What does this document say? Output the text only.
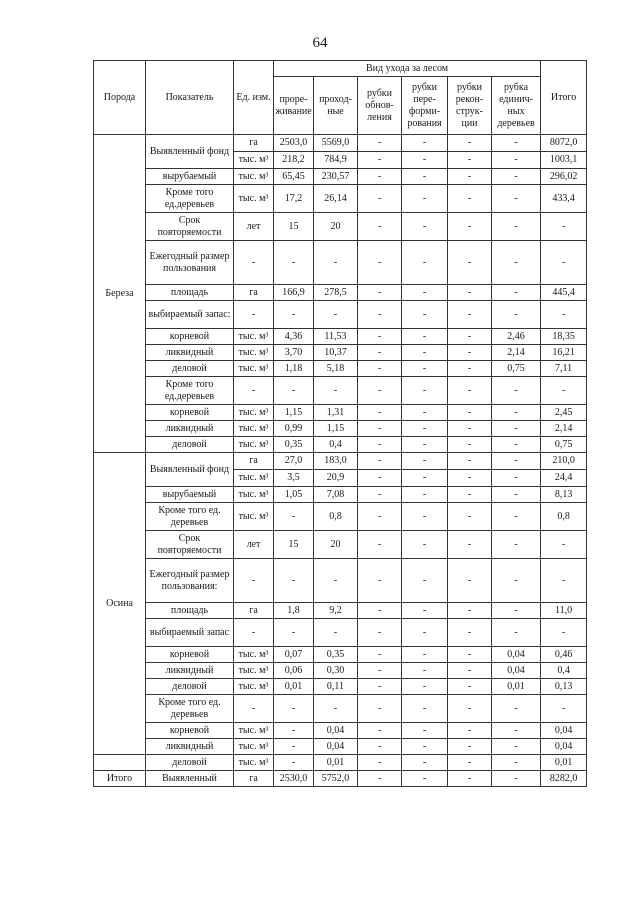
64
Порода	Показатель	Ед. изм.	Вид ухода за лесом						Итого
			проре-живание	проход-ные	рубки обнов-ления	рубки пере-форми-рования	рубки рекон-струк-ции	рубка единич-ных деревьев	
Береза	Выявленный фонд	га	2503,0	5569,0	-	-	-	-	8072,0
		тыс. м³	218,2	784,9	-	-	-	-	1003,1
	вырубаемый	тыс. м³	65,45	230,57	-	-	-	-	296,02
	Кроме того ед.деревьев	тыс. м³	17,2	26,14	-	-	-	-	433,4
	Срок повторяемости	лет	15	20	-	-	-	-	-
	Ежегодный размер пользования	-	-	-	-	-	-	-	-
	площадь	га	166,9	278,5	-	-	-	-	445,4
	выбираемый запас:	-	-	-	-	-	-	-	-
	корневой	тыс. м³	4,36	11,53	-	-	-	2,46	18,35
	ликвидный	тыс. м³	3,70	10,37	-	-	-	2,14	16,21
	деловой	тыс. м³	1,18	5,18	-	-	-	0,75	7,11
	Кроме того ед.деревьев	-	-	-	-	-	-	-	-
	корневой	тыс. м³	1,15	1,31	-	-	-	-	2,45
	ликвидный	тыс. м³	0,99	1,15	-	-	-	-	2,14
	деловой	тыс. м³	0,35	0,4	-	-	-	-	0,75
Осина	Выявленный фонд	га	27,0	183,0	-	-	-	-	210,0
		тыс. м³	3,5	20,9	-	-	-	-	24,4
	вырубаемый	тыс. м³	1,05	7,08	-	-	-	-	8,13
	Кроме того ед. деревьев	тыс. м³	-	0,8	-	-	-	-	0,8
	Срок повторяемости	лет	15	20	-	-	-	-	-
	Ежегодный размер пользования:	-	-	-	-	-	-	-	-
	площадь	га	1,8	9,2	-	-	-	-	11,0
	выбираемый запас	-	-	-	-	-	-	-	-
	корневой	тыс. м³	0,07	0,35	-	-	-	0,04	0,46
	ликвидный	тыс. м³	0,06	0,30	-	-	-	0,04	0,4
	деловой	тыс. м³	0,01	0,11	-	-	-	0,01	0,13
	Кроме того ед. деревьев	-	-	-	-	-	-	-	-
	корневой	тыс. м³	-	0,04	-	-	-	-	0,04
	ликвидный	тыс. м³	-	0,04	-	-	-	-	0,04
	деловой	тыс. м³	-	0,01	-	-	-	-	0,01
Итого	Выявленный	га	2530,0	5752,0	-	-	-	-	8282,0
